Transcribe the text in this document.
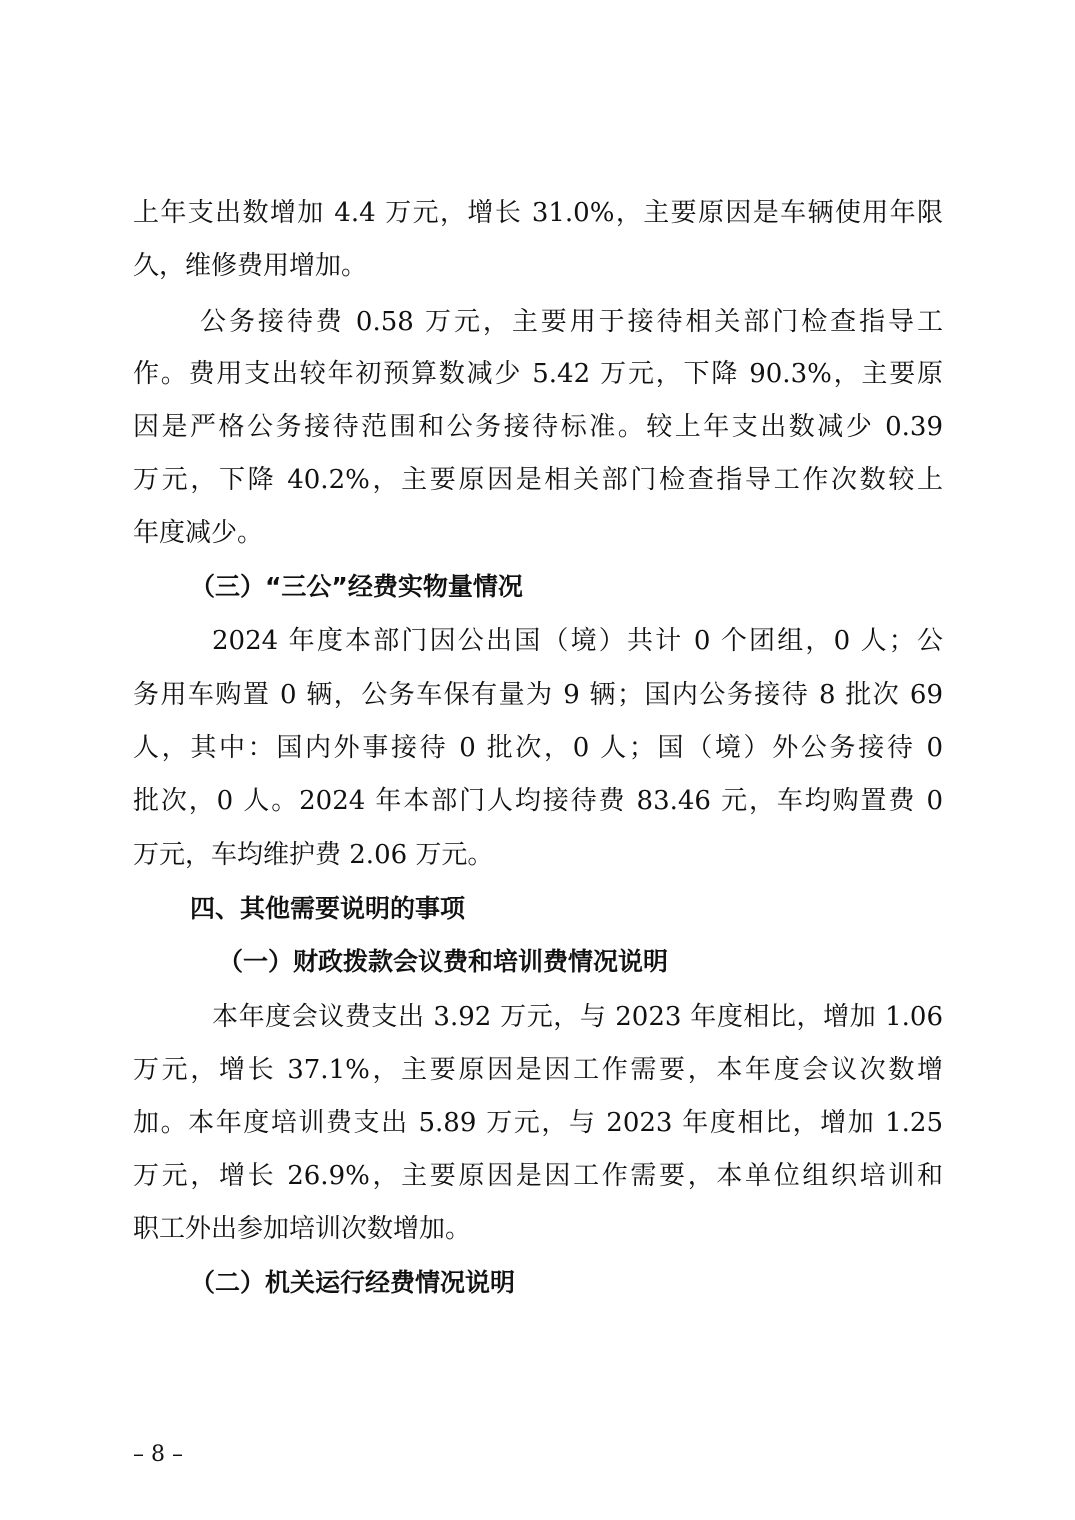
上年支出数增加 4.4 万元，增长 31.0%，主要原因是车辆使用年限
久，维修费用增加。
公务接待费 0.58 万元，主要用于接待相关部门检查指导工
作。费用支出较年初预算数减少 5.42 万元，下降 90.3%，主要原
因是严格公务接待范围和公务接待标准。较上年支出数减少 0.39
万元，下降 40.2%，主要原因是相关部门检查指导工作次数较上
年度减少。
（三）“三公”经费实物量情况
2024 年度本部门因公出国（境）共计 0 个团组，0 人；公
务用车购置 0 辆，公务车保有量为 9 辆；国内公务接待 8 批次 69
人，其中：国内外事接待 0 批次，0 人；国（境）外公务接待 0
批次，0 人。2024 年本部门人均接待费 83.46 元，车均购置费 0
万元，车均维护费 2.06 万元。
四、其他需要说明的事项
（一）财政拨款会议费和培训费情况说明
本年度会议费支出 3.92 万元，与 2023 年度相比，增加 1.06
万元，增长 37.1%，主要原因是因工作需要，本年度会议次数增
加。本年度培训费支出 5.89 万元，与 2023 年度相比，增加 1.25
万元，增长 26.9%，主要原因是因工作需要，本单位组织培训和
职工外出参加培训次数增加。
（二）机关运行经费情况说明
– 8 –
